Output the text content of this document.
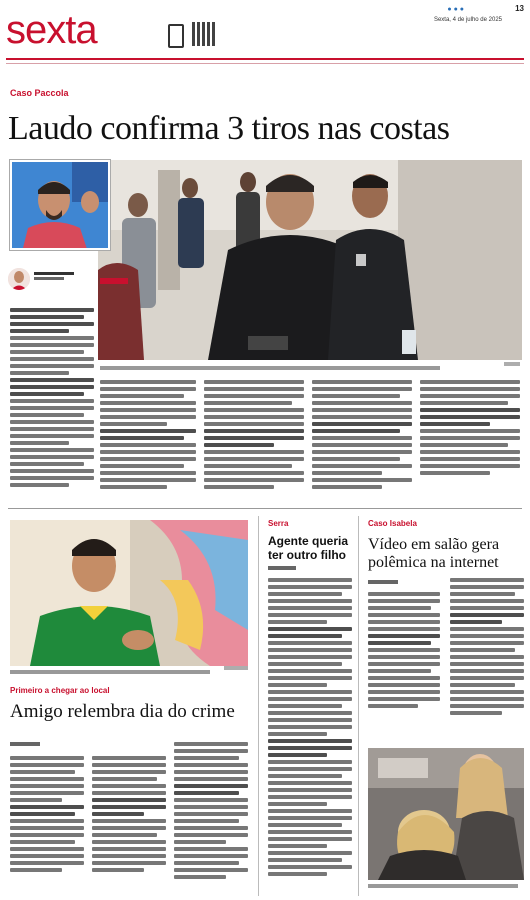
sexta	● ● ●
Sexta, 4 de julho de 2025
13
Caso Paccola
Laudo confirma 3 tiros nas costas
Primeiro a chegar ao local
Amigo relembra dia do crime
Serra
Agente queria ter outro filho
Caso Isabela
Vídeo em salão gera polêmica na internet
